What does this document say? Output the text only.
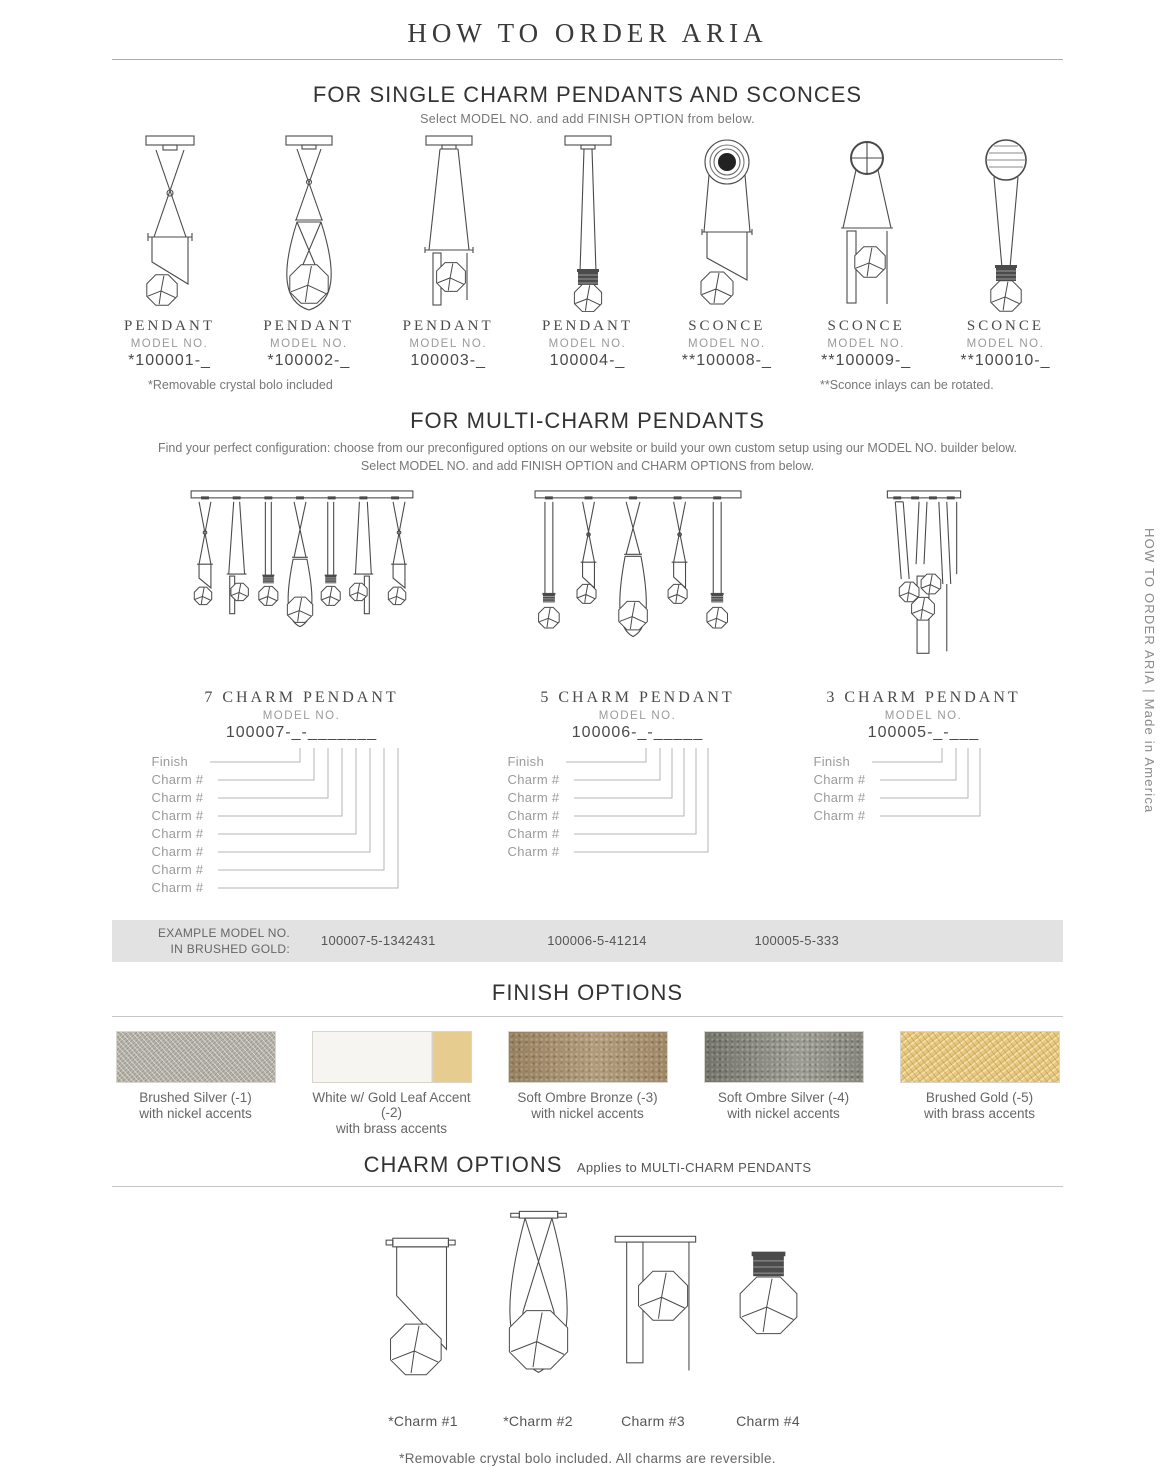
HOW TO ORDER ARIA
FOR SINGLE CHARM PENDANTS AND SCONCES
Select MODEL NO. and add FINISH OPTION from below.
PENDANT
MODEL NO.
*100001-_
PENDANT
MODEL NO.
*100002-_
PENDANT
MODEL NO.
100003-_
PENDANT
MODEL NO.
100004-_
SCONCE
MODEL NO.
**100008-_
SCONCE
MODEL NO.
**100009-_
SCONCE
MODEL NO.
**100010-_
*Removable crystal bolo included	**Sconce inlays can be rotated.
FOR MULTI-CHARM PENDANTS
Find your perfect configuration: choose from our preconfigured options on our website or build your own custom setup using our MODEL NO. builder below.
Select MODEL NO. and add FINISH OPTION and CHARM OPTIONS from below.
7 CHARM PENDANT
MODEL NO.
100007-_-_______
Finish
Charm #
Charm #
Charm #
Charm #
Charm #
Charm #
Charm #
5 CHARM PENDANT
MODEL NO.
100006-_-_____
Finish
Charm #
Charm #
Charm #
Charm #
Charm #
3 CHARM PENDANT
MODEL NO.
100005-_-___
Finish
Charm #
Charm #
Charm #
EXAMPLE MODEL NO.
IN BRUSHED GOLD:
100007-5-1342431	100006-5-41214	100005-5-333
FINISH OPTIONS
Brushed Silver (-1)
with nickel accents
White w/ Gold Leaf Accent (-2)
with brass accents
Soft Ombre Bronze (-3)
with nickel accents
Soft Ombre Silver (-4)
with nickel accents
Brushed Gold (-5)
with brass accents
CHARM OPTIONS Applies to MULTI-CHARM PENDANTS
*Charm #1	*Charm #2	Charm #3	Charm #4
*Removable crystal bolo included. All charms are reversible.
HOW TO ORDER ARIA | Made in America
